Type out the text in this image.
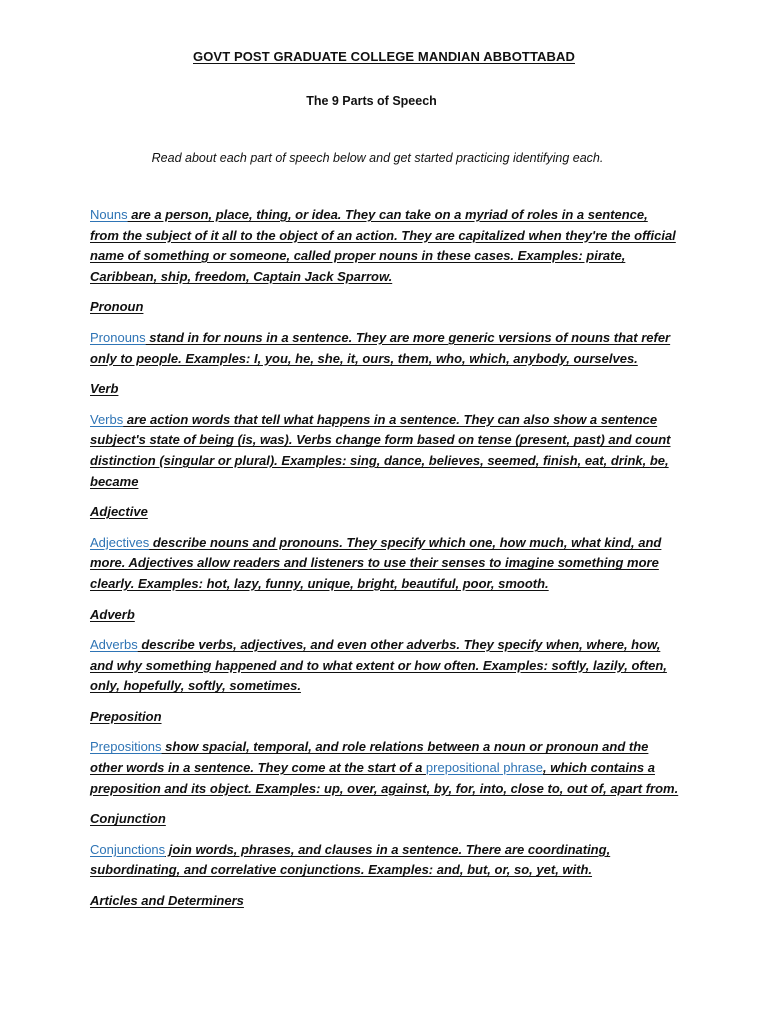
GOVT POST GRADUATE COLLEGE MANDIAN ABBOTTABAD
The 9 Parts of Speech
Read about each part of speech below and get started practicing identifying each.

Nouns are a person, place, thing, or idea. They can take on a myriad of roles in a sentence, from the subject of it all to the object of an action. They are capitalized when they're the official name of something or someone, called proper nouns in these cases. Examples: pirate, Caribbean, ship, freedom, Captain Jack Sparrow.

Pronoun

Pronouns stand in for nouns in a sentence. They are more generic versions of nouns that refer only to people. Examples: I, you, he, she, it, ours, them, who, which, anybody, ourselves.

Verb

Verbs are action words that tell what happens in a sentence. They can also show a sentence subject's state of being (is, was). Verbs change form based on tense (present, past) and count distinction (singular or plural). Examples: sing, dance, believes, seemed, finish, eat, drink, be, became

Adjective

Adjectives describe nouns and pronouns. They specify which one, how much, what kind, and more. Adjectives allow readers and listeners to use their senses to imagine something more clearly. Examples: hot, lazy, funny, unique, bright, beautiful, poor, smooth.

Adverb

Adverbs describe verbs, adjectives, and even other adverbs. They specify when, where, how, and why something happened and to what extent or how often. Examples: softly, lazily, often, only, hopefully, softly, sometimes.

Preposition

Prepositions show spacial, temporal, and role relations between a noun or pronoun and the other words in a sentence. They come at the start of a prepositional phrase, which contains a preposition and its object. Examples: up, over, against, by, for, into, close to, out of, apart from.

Conjunction

Conjunctions join words, phrases, and clauses in a sentence. There are coordinating, subordinating, and correlative conjunctions. Examples: and, but, or, so, yet, with.

Articles and Determiners
